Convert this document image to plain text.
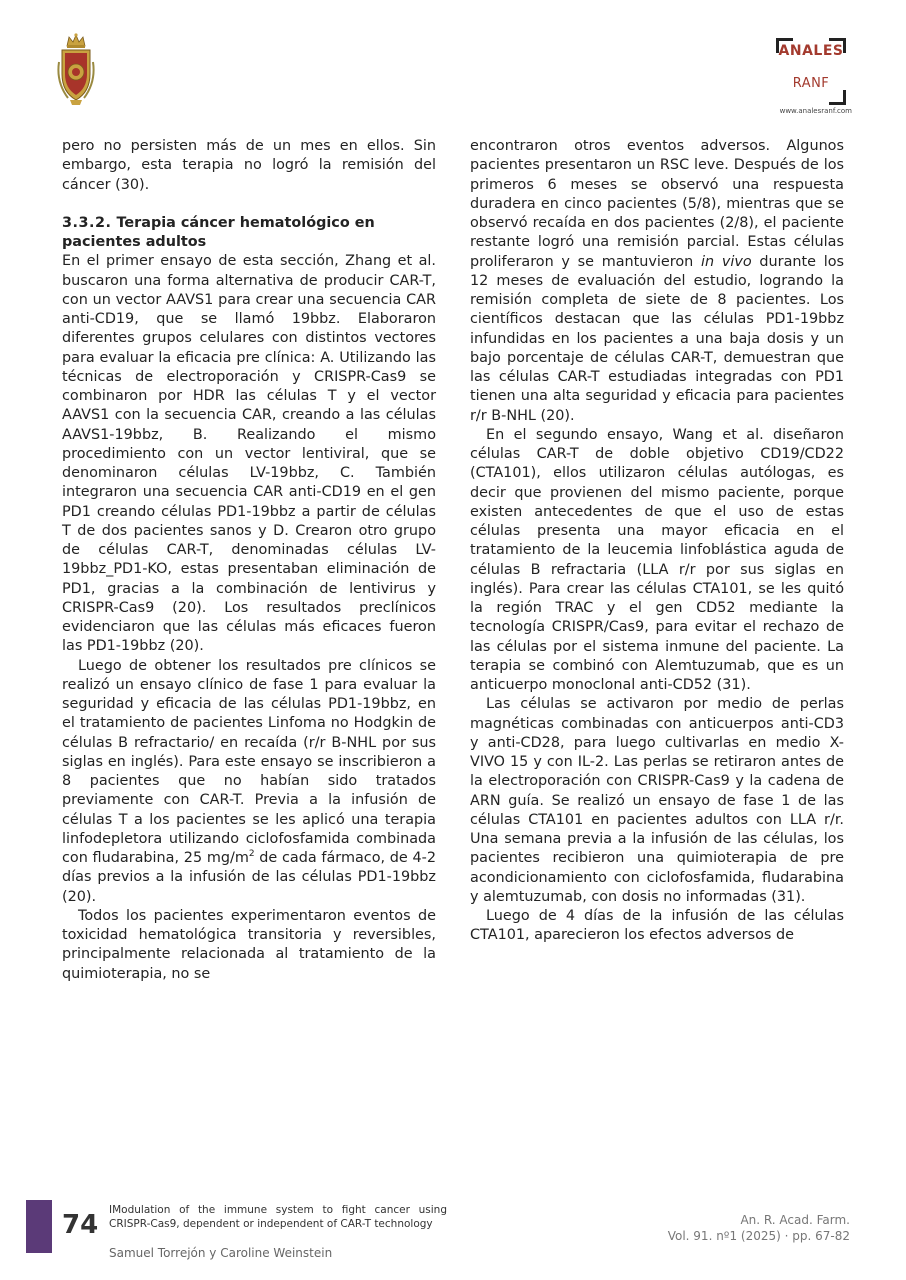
ANALES
RANF
www.analesranf.com

pero no persisten más de un mes en ellos. Sin embargo, esta terapia no logró la remisión del cáncer (30).

3.3.2. Terapia cáncer hematológico en pacientes adultos

En el primer ensayo de esta sección, Zhang et al. buscaron una forma alternativa de producir CAR-T, con un vector AAVS1 para crear una secuencia CAR anti-CD19, que se llamó 19bbz. Elaboraron diferentes grupos celulares con distintos vectores para evaluar la eficacia pre clínica: A. Utilizando las técnicas de electroporación y CRISPR-Cas9 se combinaron por HDR las células T y el vector AAVS1 con la secuencia CAR, creando a las células AAVS1-19bbz, B. Realizando el mismo procedimiento con un vector lentiviral, que se denominaron células LV-19bbz, C. También integraron una secuencia CAR anti-CD19 en el gen PD1 creando células PD1-19bbz a partir de células T de dos pacientes sanos y D. Crearon otro grupo de células CAR-T, denominadas células LV-19bbz_PD1-KO, estas presentaban eliminación de PD1, gracias a la combinación de lentivirus y CRISPR-Cas9 (20). Los resultados preclínicos evidenciaron que las células más eficaces fueron las PD1-19bbz (20).

Luego de obtener los resultados pre clínicos se realizó un ensayo clínico de fase 1 para evaluar la seguridad y eficacia de las células PD1-19bbz, en el tratamiento de pacientes Linfoma no Hodgkin de células B refractario/ en recaída (r/r B-NHL por sus siglas en inglés). Para este ensayo se inscribieron a 8 pacientes que no habían sido tratados previamente con CAR-T. Previa a la infusión de células T a los pacientes se les aplicó una terapia linfodepletora utilizando ciclofosfamida combinada con fludarabina, 25 $mg/m^2$ de cada fármaco, de 4-2 días previos a la infusión de las células PD1-19bbz (20).

Todos los pacientes experimentaron eventos de toxicidad hematológica transitoria y reversibles, principalmente relacionada al tratamiento de la quimioterapia, no se

encontraron otros eventos adversos. Algunos pacientes presentaron un RSC leve. Después de los primeros 6 meses se observó una respuesta duradera en cinco pacientes (5/8), mientras que se observó recaída en dos pacientes (2/8), el paciente restante logró una remisión parcial. Estas células proliferaron y se mantuvieron in vivo durante los 12 meses de evaluación del estudio, logrando la remisión completa de siete de 8 pacientes. Los científicos destacan que las células PD1-19bbz infundidas en los pacientes a una baja dosis y un bajo porcentaje de células CAR-T, demuestran que las células CAR-T estudiadas integradas con PD1 tienen una alta seguridad y eficacia para pacientes r/r B-NHL (20).

En el segundo ensayo, Wang et al. diseñaron células CAR-T de doble objetivo CD19/CD22 (CTA101), ellos utilizaron células autólogas, es decir que provienen del mismo paciente, porque existen antecedentes de que el uso de estas células presenta una mayor eficacia en el tratamiento de la leucemia linfoblástica aguda de células B refractaria (LLA r/r por sus siglas en inglés). Para crear las células CTA101, se les quitó la región TRAC y el gen CD52 mediante la tecnología CRISPR/Cas9, para evitar el rechazo de las células por el sistema inmune del paciente. La terapia se combinó con Alemtuzumab, que es un anticuerpo monoclonal anti-CD52 (31).

Las células se activaron por medio de perlas magnéticas combinadas con anticuerpos anti-CD3 y anti-CD28, para luego cultivarlas en medio X-VIVO 15 y con IL-2. Las perlas se retiraron antes de la electroporación con CRISPR-Cas9 y la cadena de ARN guía. Se realizó un ensayo de fase 1 de las células CTA101 en pacientes adultos con LLA r/r. Una semana previa a la infusión de las células, los pacientes recibieron una quimioterapia de pre acondicionamiento con ciclofosfamida, fludarabina y alemtuzumab, con dosis no informadas (31).

Luego de 4 días de la infusión de las células CTA101, aparecieron los efectos adversos de

74 IModulation of the immune system to fight cancer using CRISPR-Cas9, dependent or independent of CAR-T technology
Samuel Torrejón y Caroline Weinstein
An. R. Acad. Farm.
Vol. 91. nº1 (2025) · pp. 67-82
